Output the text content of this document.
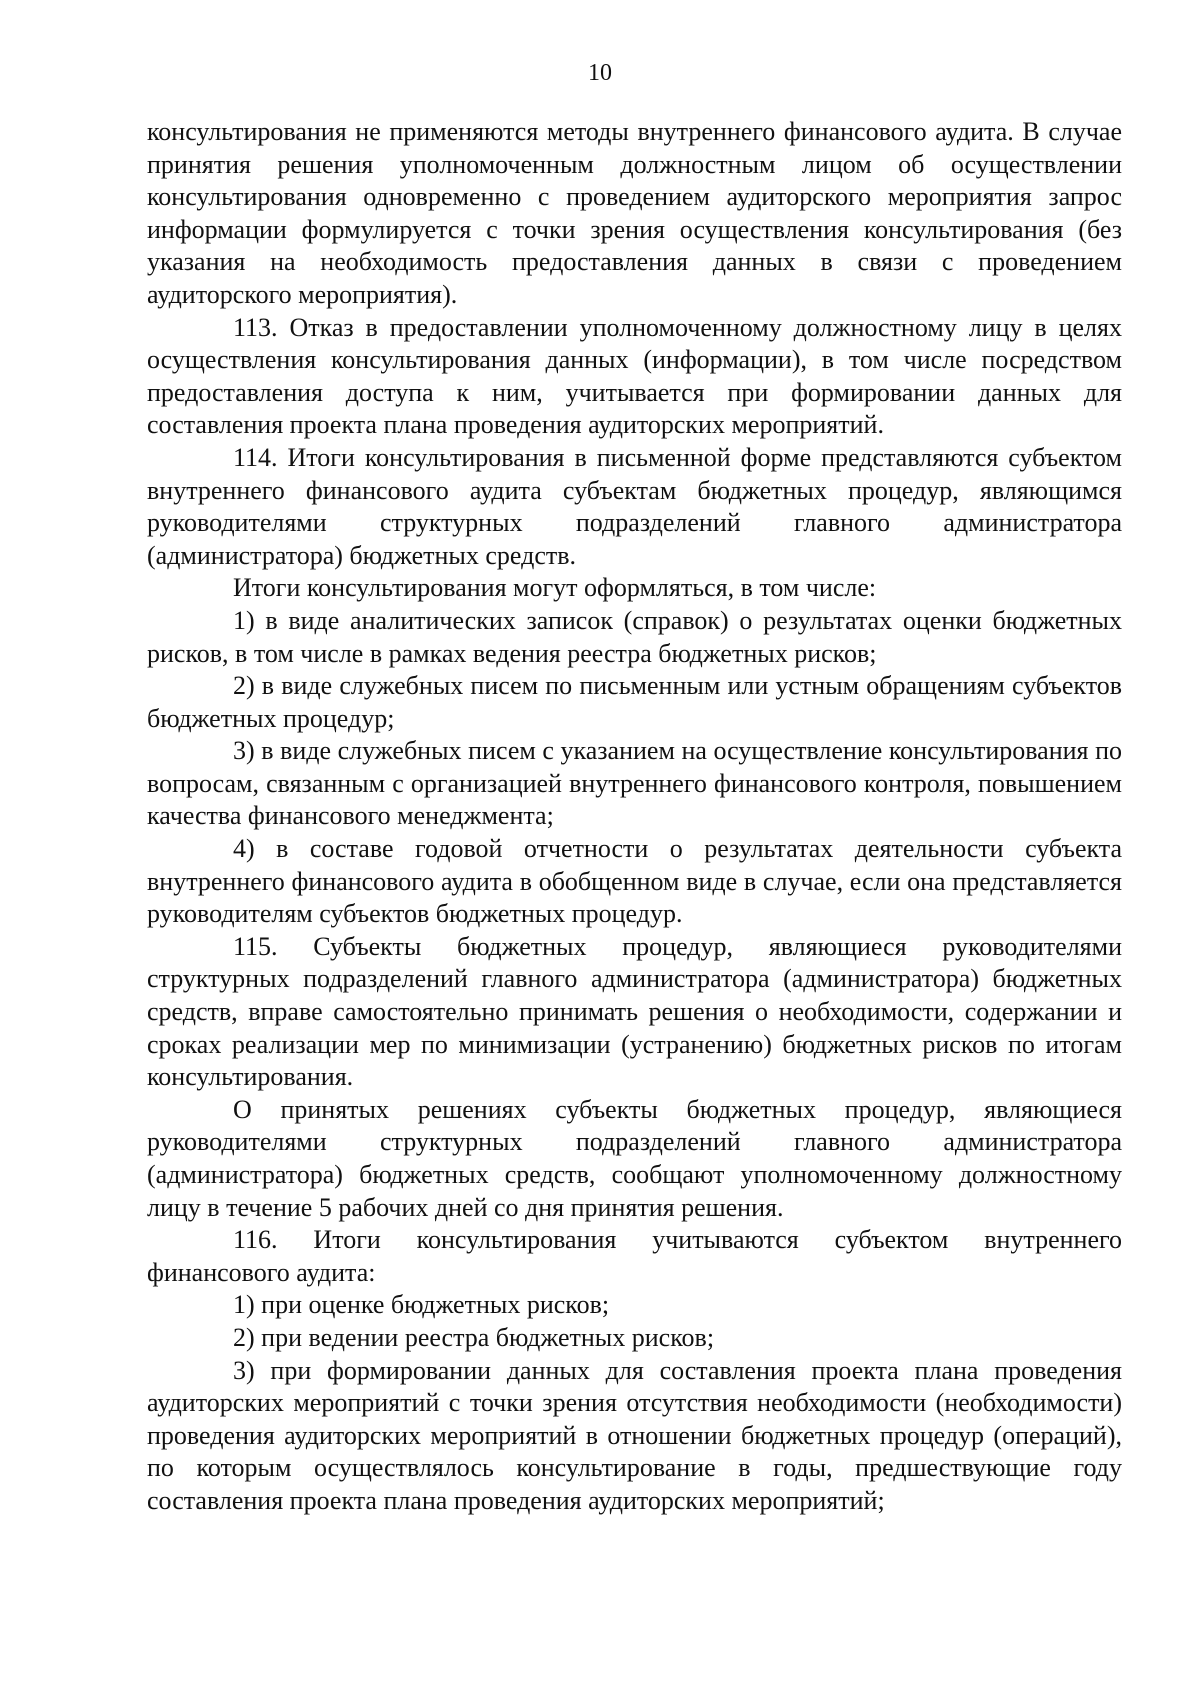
10

консультирования не применяются методы внутреннего финансового аудита. В случае принятия решения уполномоченным должностным лицом об осуществлении консультирования одновременно с проведением аудиторского мероприятия запрос информации формулируется с точки зрения осуществления консультирования (без указания на необходимость предоставления данных в связи с проведением аудиторского мероприятия).

113. Отказ в предоставлении уполномоченному должностному лицу в целях осуществления консультирования данных (информации), в том числе посредством предоставления доступа к ним, учитывается при формировании данных для составления проекта плана проведения аудиторских мероприятий.

114. Итоги консультирования в письменной форме представляются субъектом внутреннего финансового аудита субъектам бюджетных процедур, являющимся руководителями структурных подразделений главного администратора (администратора) бюджетных средств.

Итоги консультирования могут оформляться, в том числе:

1) в виде аналитических записок (справок) о результатах оценки бюджетных рисков, в том числе в рамках ведения реестра бюджетных рисков;

2) в виде служебных писем по письменным или устным обращениям субъектов бюджетных процедур;

3) в виде служебных писем с указанием на осуществление консультирования по вопросам, связанным с организацией внутреннего финансового контроля, повышением качества финансового менеджмента;

4) в составе годовой отчетности о результатах деятельности субъекта внутреннего финансового аудита в обобщенном виде в случае, если она представляется руководителям субъектов бюджетных процедур.

115. Субъекты бюджетных процедур, являющиеся руководителями структурных подразделений главного администратора (администратора) бюджетных средств, вправе самостоятельно принимать решения о необходимости, содержании и сроках реализации мер по минимизации (устранению) бюджетных рисков по итогам консультирования.

О принятых решениях субъекты бюджетных процедур, являющиеся руководителями структурных подразделений главного администратора (администратора) бюджетных средств, сообщают уполномоченному должностному лицу в течение 5 рабочих дней со дня принятия решения.

116. Итоги консультирования учитываются субъектом внутреннего финансового аудита:

1) при оценке бюджетных рисков;

2) при ведении реестра бюджетных рисков;

3) при формировании данных для составления проекта плана проведения аудиторских мероприятий с точки зрения отсутствия необходимости (необходимости) проведения аудиторских мероприятий в отношении бюджетных процедур (операций), по которым осуществлялось консультирование в годы, предшествующие году составления проекта плана проведения аудиторских мероприятий;
